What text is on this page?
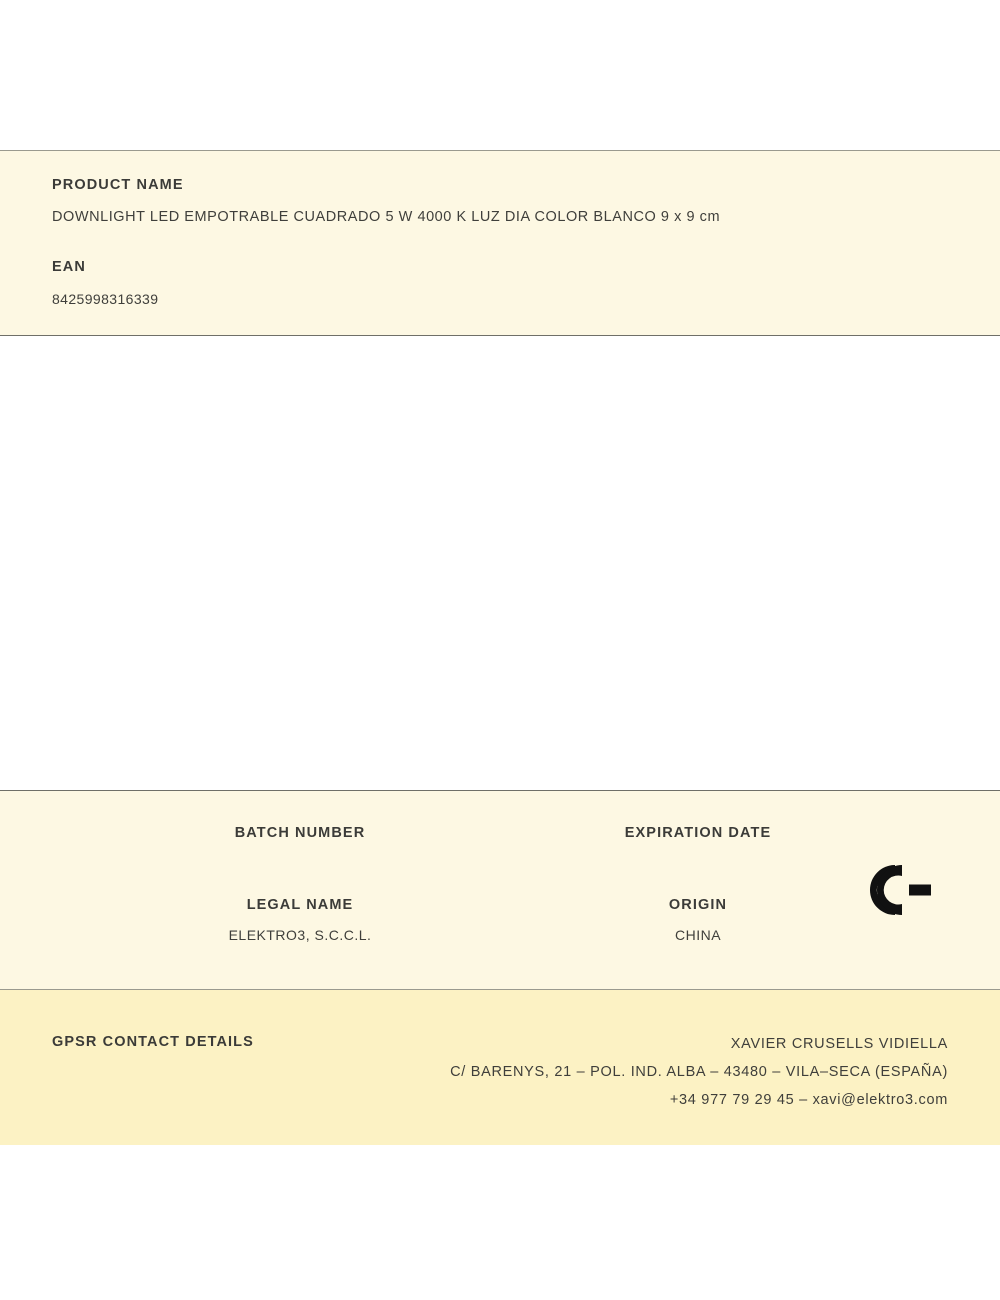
PRODUCT NAME

DOWNLIGHT LED EMPOTRABLE CUADRADO 5 W 4000 K LUZ DIA COLOR BLANCO 9 x 9 cm

EAN

8425998316339

BATCH NUMBER	EXPIRATION DATE
LEGAL NAME
ELEKTRO3, S.C.C.L.
ORIGIN
CHINA
GPSR CONTACT DETAILS	XAVIER CRUSELLS VIDIELLA
C/ BARENYS, 21 – POL. IND. ALBA – 43480 – VILA–SECA (ESPAÑA)
+34 977 79 29 45 – xavi@elektro3.com
